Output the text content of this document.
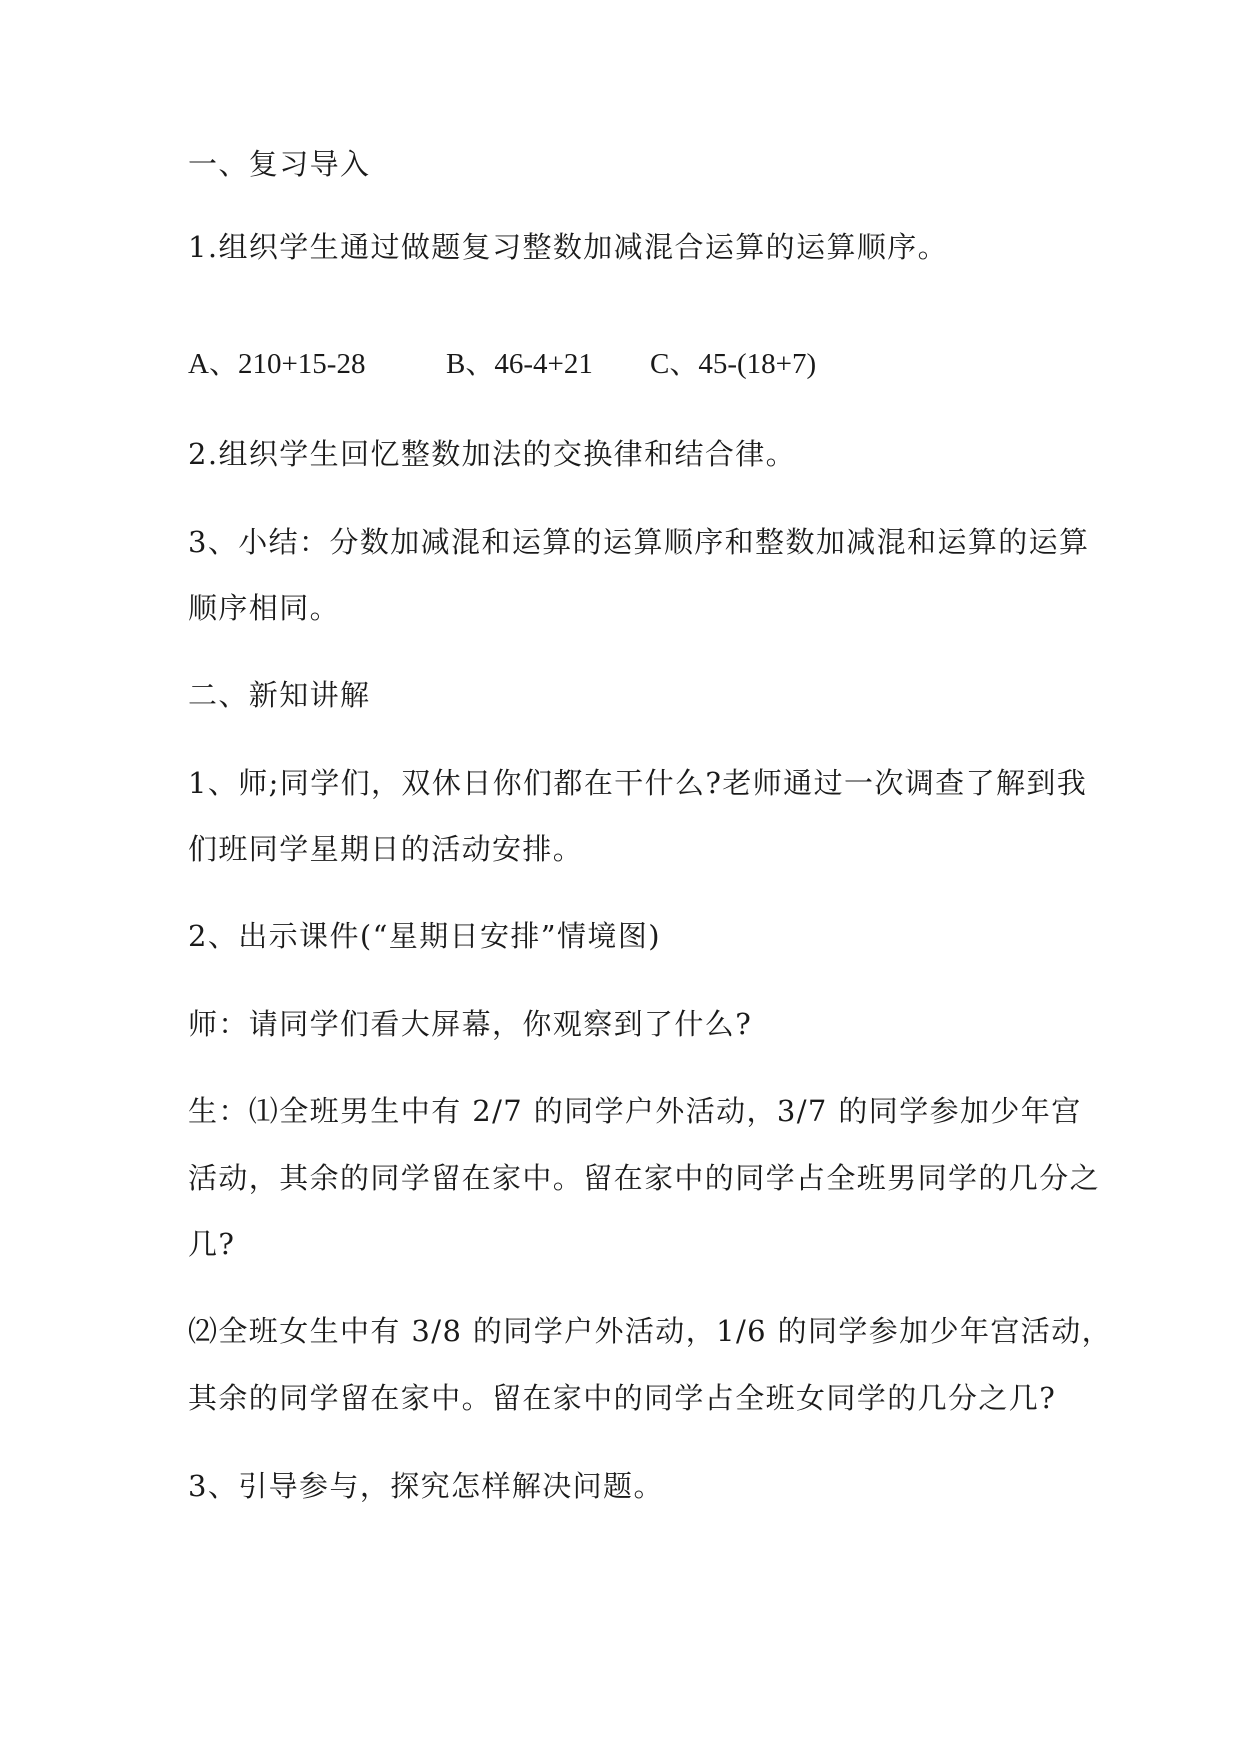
一、复习导入
1.组织学生通过做题复习整数加减混合运算的运算顺序。
A、210+15-28	B、46-4+21 C、45-(18+7)
2.组织学生回忆整数加法的交换律和结合律。
3、小结：分数加减混和运算的运算顺序和整数加减混和运算的运算
顺序相同。
二、新知讲解
1、师;同学们，双休日你们都在干什么?老师通过一次调查了解到我
们班同学星期日的活动安排。
2、出示课件(“星期日安排”情境图)
师：请同学们看大屏幕，你观察到了什么?
生：⑴全班男生中有 2/7 的同学户外活动，3/7 的同学参加少年宫
活动，其余的同学留在家中。留在家中的同学占全班男同学的几分之
几?
⑵全班女生中有 3/8 的同学户外活动，1/6 的同学参加少年宫活动，
其余的同学留在家中。留在家中的同学占全班女同学的几分之几?
3、引导参与，探究怎样解决问题。
